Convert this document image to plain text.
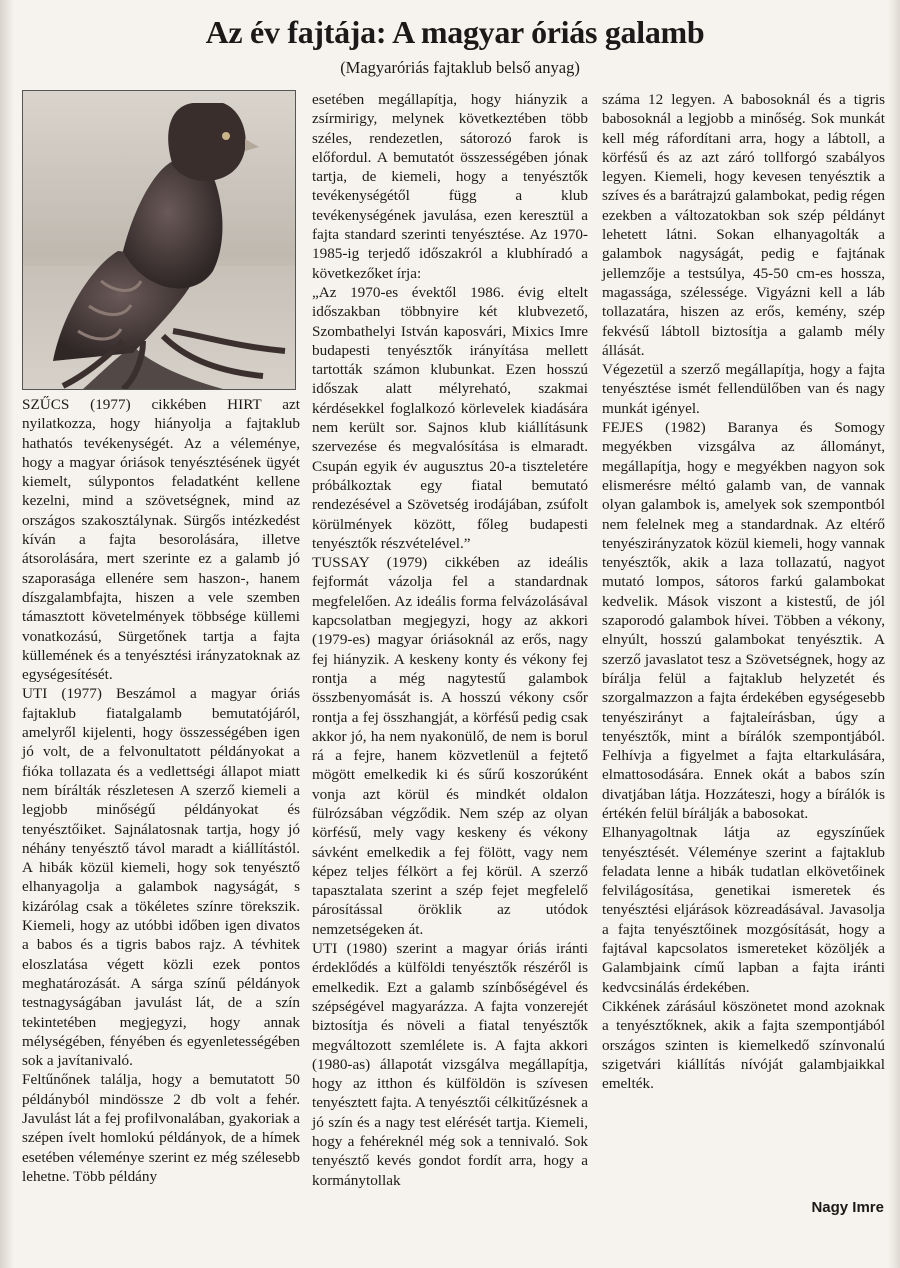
Az év fajtája: A magyar óriás galamb

(Magyaróriás fajtaklub belső anyag)

SZŰCS (1977) cikkében HIRT azt nyilatkozza, hogy hiányolja a fajtaklub hathatós tevékenységét. Az a véleménye, hogy a magyar óriások tenyésztésének ügyét kiemelt, súlypontos feladatként kellene kezelni, mind a szövetségnek, mind az országos szakosztálynak. Sürgős intézkedést kíván a fajta besorolására, illetve átsorolására, mert szerinte ez a galamb jó szaporasága ellenére sem haszon-, hanem díszgalambfajta, hiszen a vele szemben támasztott követelmények többsége küllemi vonatkozású, Sürgetőnek tartja a fajta küllemének és a tenyésztési irányzatoknak az egységesítését.

UTI (1977) Beszámol a magyar óriás fajtaklub fiatalgalamb bemutatójáról, amelyről kijelenti, hogy összességében igen jó volt, de a felvonultatott példányokat a fióka tollazata és a vedlettségi állapot miatt nem bírálták részletesen A szerző kiemeli a legjobb minőségű példányokat és tenyésztőiket. Sajnálatosnak tartja, hogy jó néhány tenyésztő távol maradt a kiállítástól. A hibák közül kiemeli, hogy sok tenyésztő elhanyagolja a galambok nagyságát, s kizárólag csak a tökéletes színre törekszik. Kiemeli, hogy az utóbbi időben igen divatos a babos és a tigris babos rajz. A tévhitek eloszlatása végett közli ezek pontos meghatározását. A sárga színű példányok testnagyságában javulást lát, de a szín tekintetében megjegyzi, hogy annak mélységében, fényében és egyenletességében sok a javítanivaló.

Feltűnőnek találja, hogy a bemutatott 50 példányból mindössze 2 db volt a fehér. Javulást lát a fej profilvonalában, gyakoriak a szépen ívelt homlokú példányok, de a hímek esetében véleménye szerint ez még szélesebb lehetne. Több példány

esetében megállapítja, hogy hiányzik a zsírmirigy, melynek következtében több széles, rendezetlen, sátorozó farok is előfordul. A bemutatót összességében jónak tartja, de kiemeli, hogy a tenyésztők tevékenységétől függ a klub tevékenységének javulása, ezen keresztül a fajta standard szerinti tenyésztése. Az 1970-1985-ig terjedő időszakról a klubhíradó a következőket írja:

„Az 1970-es évektől 1986. évig eltelt időszakban többnyire két klubvezető, Szombathelyi István kaposvári, Mixics Imre budapesti tenyésztők irányítása mellett tartották számon klubunkat. Ezen hosszú időszak alatt mélyreható, szakmai kérdésekkel foglalkozó körlevelek kiadására nem került sor. Sajnos klub kiállításunk szervezése és megvalósítása is elmaradt. Csupán egyik év augusztus 20-a tiszteletére próbálkoztak egy fiatal bemutató rendezésével a Szövetség irodájában, zsúfolt körülmények között, főleg budapesti tenyésztők részvételével.”

TUSSAY (1979) cikkében az ideális fejformát vázolja fel a standardnak megfelelően. Az ideális forma felvázolásával kapcsolatban megjegyzi, hogy az akkori (1979-es) magyar óriásoknál az erős, nagy fej hiányzik. A keskeny konty és vékony fej rontja a még nagytestű galambok összbenyomását is. A hosszú vékony csőr rontja a fej összhangját, a körfésű pedig csak akkor jó, ha nem nyakonülő, de nem is borul rá a fejre, hanem közvetlenül a fejtető mögött emelkedik ki és sűrű koszorúként vonja azt körül és mindkét oldalon fülrózsában végződik. Nem szép az olyan körfésű, mely vagy keskeny és vékony sávként emelkedik a fej fölött, vagy nem képez teljes félkört a fej körül. A szerző tapasztalata szerint a szép fejet megfelelő párosítással öröklik az utódok nemzetségeken át.

UTI (1980) szerint a magyar óriás iránti érdeklődés a külföldi tenyésztők részéről is emelkedik. Ezt a galamb színbőségével és szépségével magyarázza. A fajta vonzerejét biztosítja és növeli a fiatal tenyésztők megváltozott szemlélete is. A fajta akkori (1980-as) állapotát vizsgálva megállapítja, hogy az itthon és külföldön is szívesen tenyésztett fajta. A tenyésztői célkitűzésnek a jó szín és a nagy test elérését tartja. Kiemeli, hogy a fehéreknél még sok a tennivaló. Sok tenyésztő kevés gondot fordít arra, hogy a kormánytollak

száma 12 legyen. A babosoknál és a tigris babosoknál a legjobb a minőség. Sok munkát kell még ráfordítani arra, hogy a lábtoll, a körfésű és az azt záró tollforgó szabályos legyen. Kiemeli, hogy kevesen tenyésztik a szíves és a barátrajzú galambokat, pedig régen ezekben a változatokban sok szép példányt lehetett látni. Sokan elhanyagolták a galambok nagyságát, pedig e fajtának jellemzője a testsúlya, 45-50 cm-es hossza, magassága, szélessége. Vigyázni kell a láb tollazatára, hiszen az erős, kemény, szép fekvésű lábtoll biztosítja a galamb mély állását.

Végezetül a szerző megállapítja, hogy a fajta tenyésztése ismét fellendülőben van és nagy munkát igényel.

FEJES (1982) Baranya és Somogy megyékben vizsgálva az állományt, megállapítja, hogy e megyékben nagyon sok elismerésre méltó galamb van, de vannak olyan galambok is, amelyek sok szempontból nem felelnek meg a standardnak. Az eltérő tenyészirányzatok közül kiemeli, hogy vannak tenyésztők, akik a laza tollazatú, nagyot mutató lompos, sátoros farkú galambokat kedvelik. Mások viszont a kistestű, de jól szaporodó galambok hívei. Többen a vékony, elnyúlt, hosszú galambokat tenyésztik. A szerző javaslatot tesz a Szövetségnek, hogy az bírálja felül a fajtaklub helyzetét és szorgalmazzon a fajta érdekében egységesebb tenyészirányt a fajtaleírásban, úgy a tenyésztők, mint a bírálók szempontjából. Felhívja a figyelmet a fajta eltarkulására, elmattosodására. Ennek okát a babos szín divatjában látja. Hozzáteszi, hogy a bírálók is értékén felül bírálják a babosokat.

Elhanyagoltnak látja az egyszínűek tenyésztését. Véleménye szerint a fajtaklub feladata lenne a hibák tudatlan elkövetőinek felvilágosítása, genetikai ismeretek és tenyésztési eljárások közreadásával. Javasolja a fajta tenyésztőinek mozgósítását, hogy a fajtával kapcsolatos ismereteket közöljék a Galambjaink című lapban a fajta iránti kedvcsinálás érdekében.

Cikkének zárásául köszönetet mond azoknak a tenyésztőknek, akik a fajta szempontjából országos szinten is kiemelkedő színvonalú szigetvári kiállítás nívóját galambjaikkal emelték.

Nagy Imre
